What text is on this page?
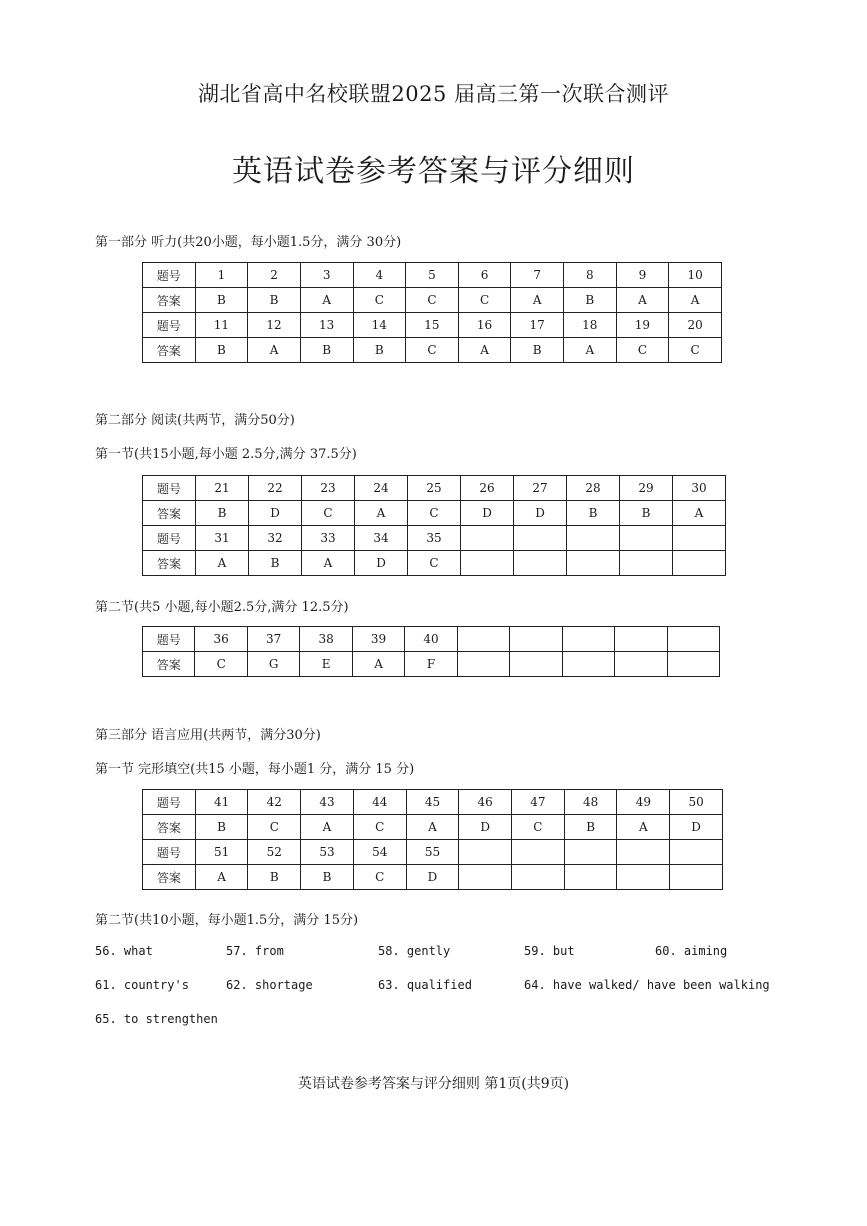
湖北省高中名校联盟2025 届高三第一次联合测评
英语试卷参考答案与评分细则
第一部分 听力(共20小题，每小题1.5分，满分 30分)
题号	1	2	3	4	5	6	7	8	9	10
答案	B	B	A	C	C	C	A	B	A	A
题号	11	12	13	14	15	16	17	18	19	20
答案	B	A	B	B	C	A	B	A	C	C
第二部分 阅读(共两节，满分50分)
第一节(共15小题,每小题 2.5分,满分 37.5分)
题号	21	22	23	24	25	26	27	28	29	30
答案	B	D	C	A	C	D	D	B	B	A
题号	31	32	33	34	35					
答案	A	B	A	D	C					
第二节(共5 小题,每小题2.5分,满分 12.5分)
题号	36	37	38	39	40					
答案	C	G	E	A	F					
第三部分 语言应用(共两节，满分30分)
第一节 完形填空(共15 小题，每小题1 分，满分 15 分)
题号	41	42	43	44	45	46	47	48	49	50
答案	B	C	A	C	A	D	C	B	A	D
题号	51	52	53	54	55					
答案	A	B	B	C	D					
第二节(共10小题，每小题1.5分，满分 15分)
56. what	57. from	58. gently	59. but	60. aiming
61. country's	62. shortage	63. qualified	64. have walked/ have been walking
65. to strengthen
英语试卷参考答案与评分细则 第1页(共9页)
